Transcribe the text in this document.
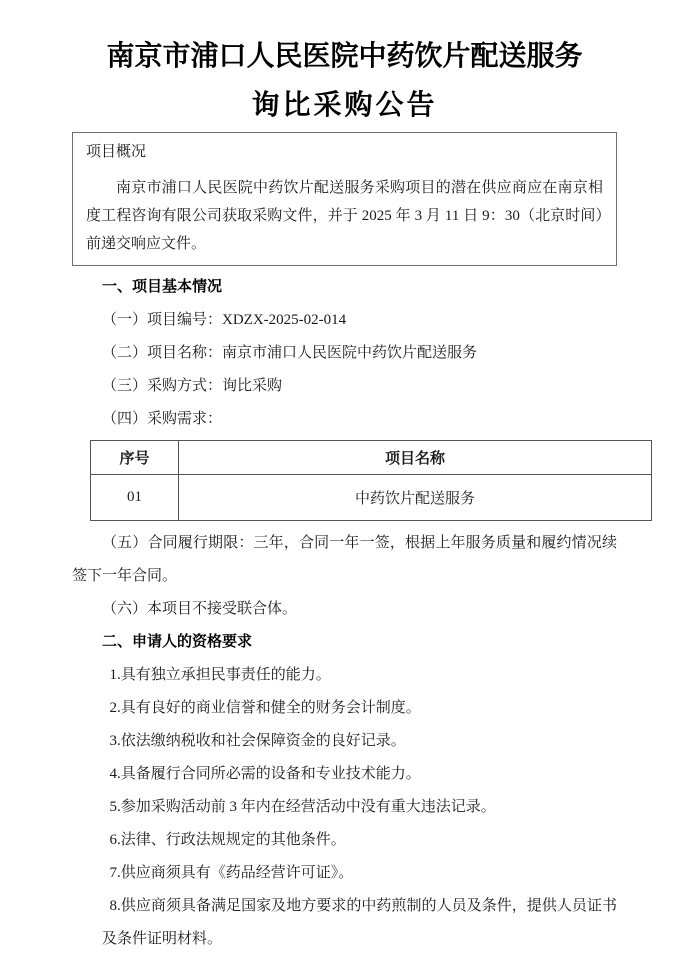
南京市浦口人民医院中药饮片配送服务
询比采购公告

项目概况

南京市浦口人民医院中药饮片配送服务采购项目的潜在供应商应在南京相度工程咨询有限公司获取采购文件，并于 2025 年 3 月 11 日 9：30（北京时间）前递交响应文件。

一、项目基本情况

（一）项目编号：XDZX-2025-02-014

（二）项目名称：南京市浦口人民医院中药饮片配送服务

（三）采购方式：询比采购

（四）采购需求：

序号	项目名称
01	中药饮片配送服务

（五）合同履行期限：三年，合同一年一签，根据上年服务质量和履约情况续签下一年合同。

（六）本项目不接受联合体。

二、申请人的资格要求

1.具有独立承担民事责任的能力。

2.具有良好的商业信誉和健全的财务会计制度。

3.依法缴纳税收和社会保障资金的良好记录。

4.具备履行合同所必需的设备和专业技术能力。

5.参加采购活动前 3 年内在经营活动中没有重大违法记录。

6.法律、行政法规规定的其他条件。

7.供应商须具有《药品经营许可证》。

8.供应商须具备满足国家及地方要求的中药煎制的人员及条件，提供人员证书及条件证明材料。
